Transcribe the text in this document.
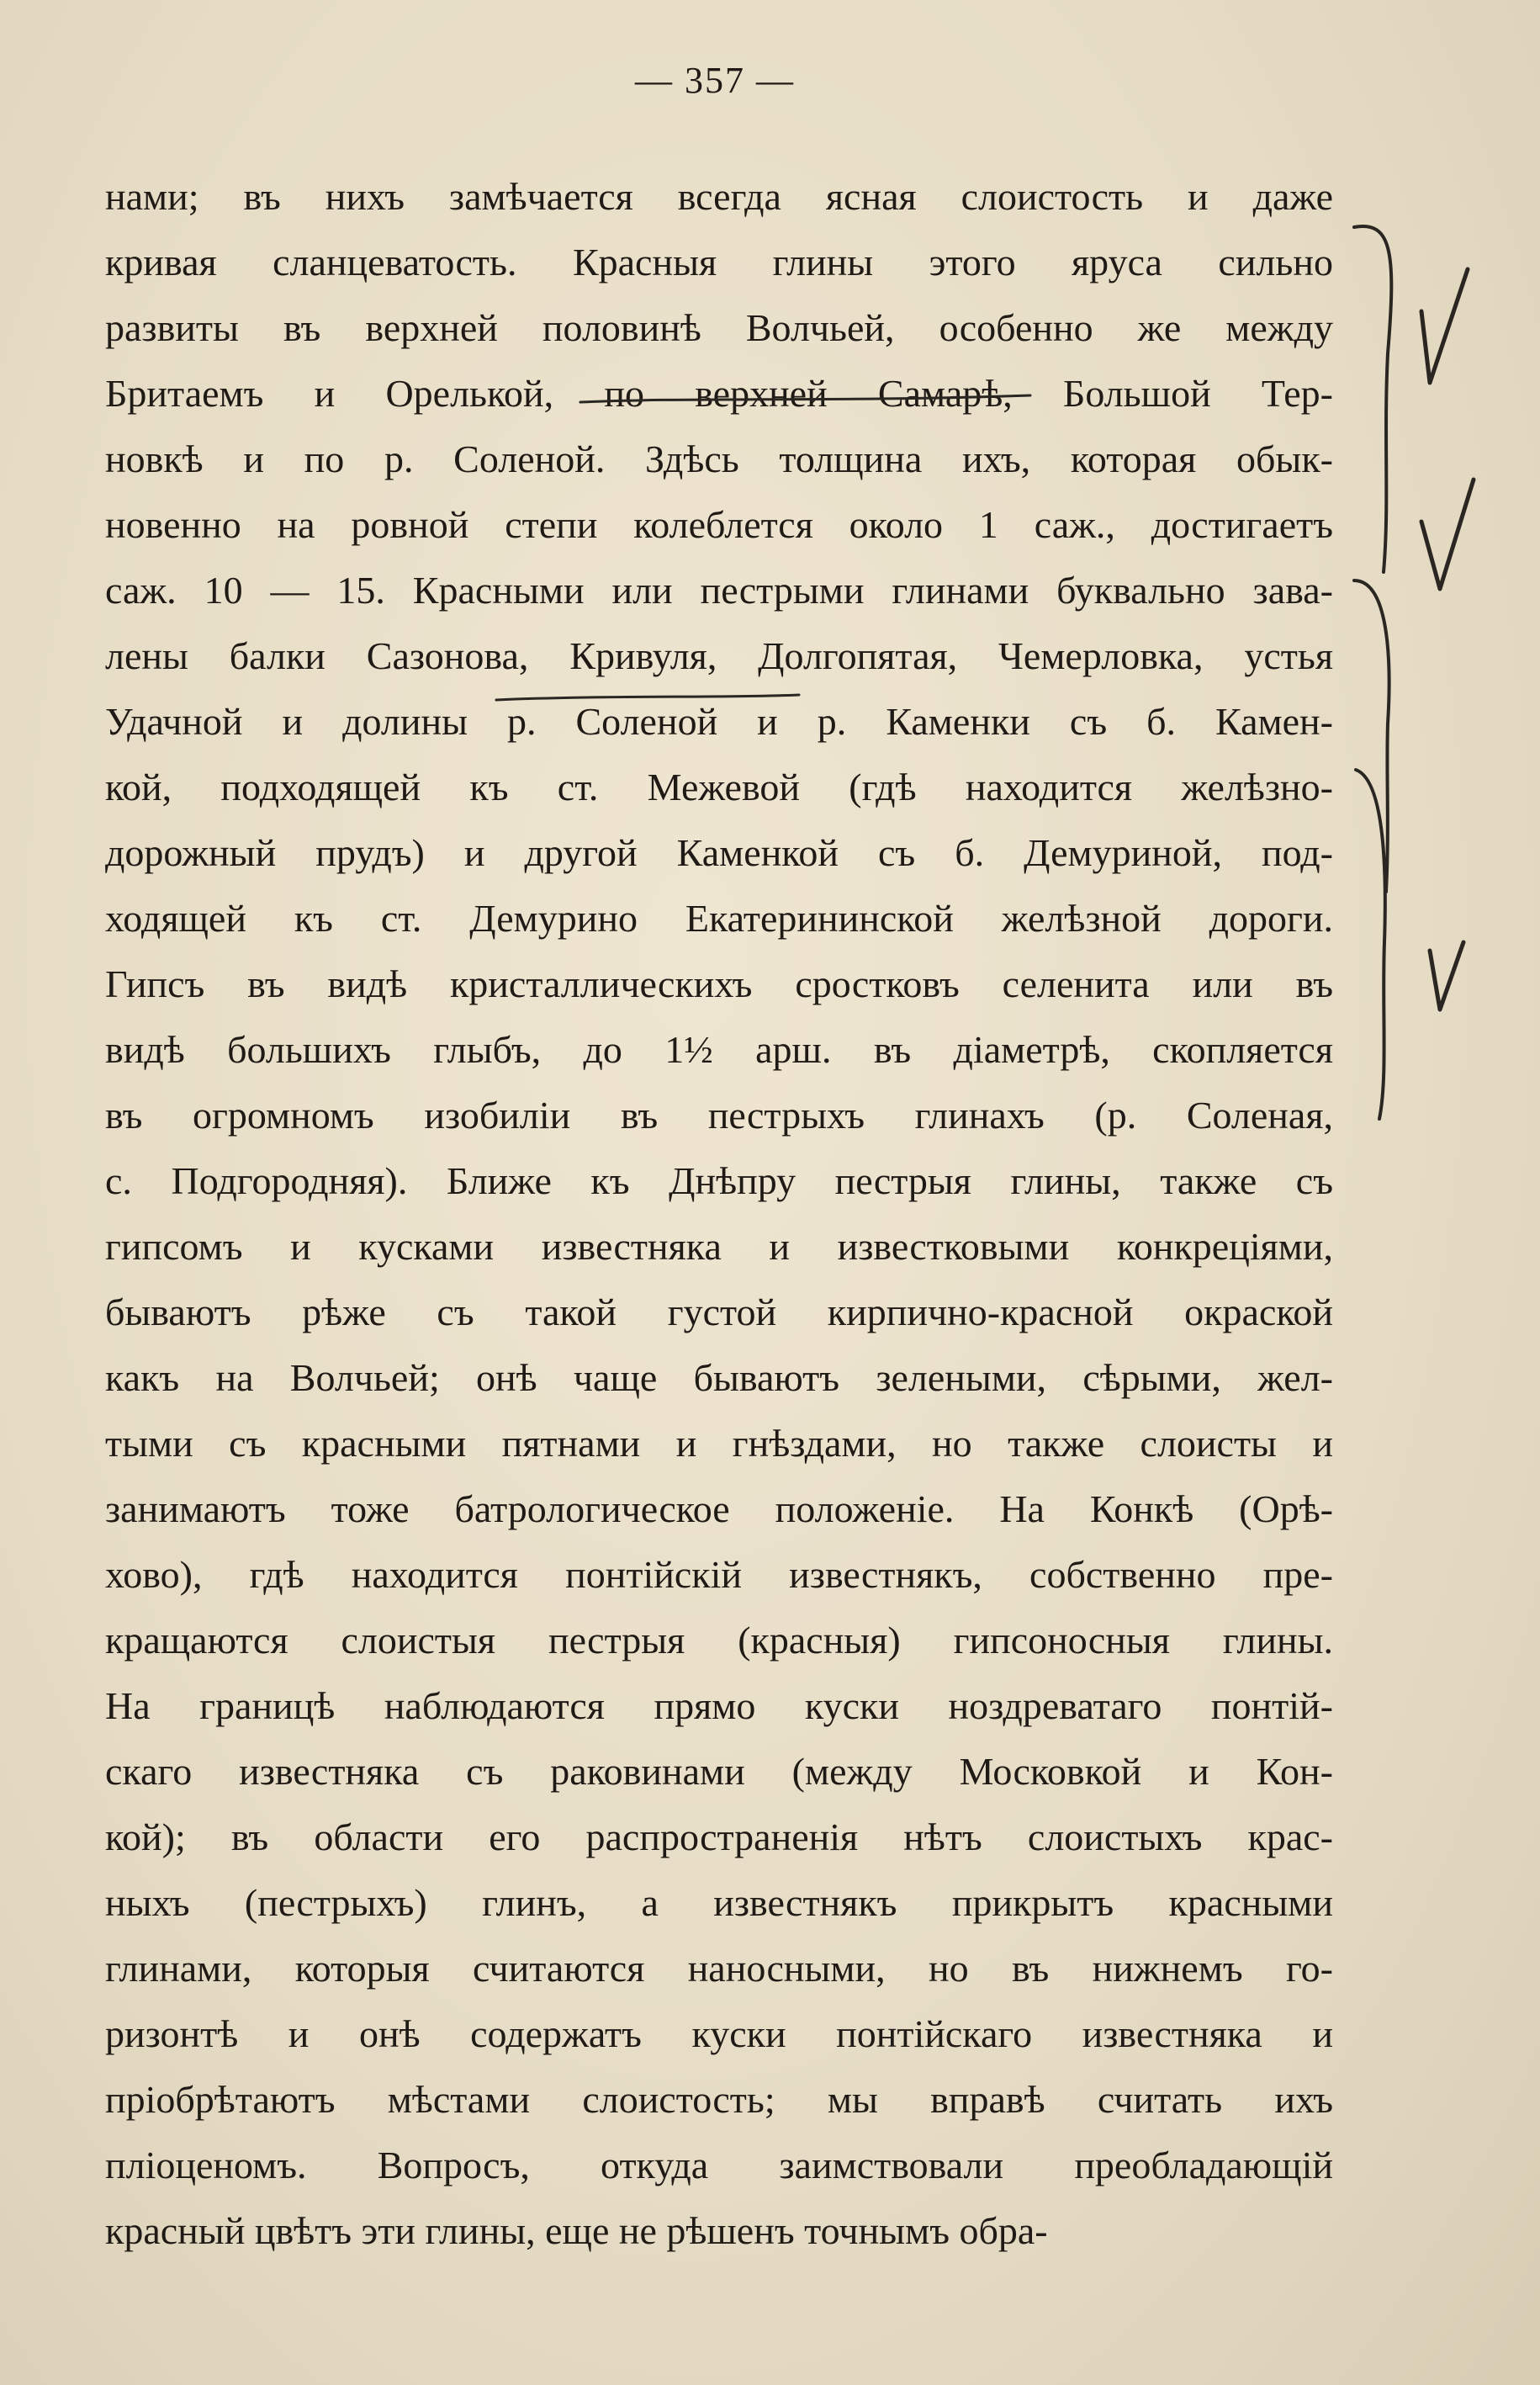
— 357 —
нами; въ нихъ замѣчается всегда ясная слоистость и даже
кривая сланцеватость. Красныя глины этого яруса сильно
развиты въ верхней половинѣ Волчьей, особенно же между
Бритаемъ и Орелькой, по верхней Самарѣ, Большой Тер-
новкѣ и по р. Соленой. Здѣсь толщина ихъ, которая обык-
новенно на ровной степи колеблется около 1 саж., достигаетъ
саж. 10 — 15. Красными или пестрыми глинами буквально зава-
лены балки Сазонова, Кривуля, Долгопятая, Чемерловка, устья
Удачной и долины р. Соленой и р. Каменки съ б. Камен-
кой, подходящей къ ст. Межевой (гдѣ находится желѣзно-
дорожный прудъ) и другой Каменкой съ б. Демуриной, под-
ходящей къ ст. Демурино Екатерининской желѣзной дороги.
Гипсъ въ видѣ кристаллическихъ сростковъ селенита или въ
видѣ большихъ глыбъ, до 1½ арш. въ діаметрѣ, скопляется
въ огромномъ изобиліи въ пестрыхъ глинахъ (р. Соленая,
с. Подгородняя). Ближе къ Днѣпру пестрыя глины, также съ
гипсомъ и кусками известняка и известковыми конкреціями,
бываютъ рѣже съ такой густой кирпично-красной окраской
какъ на Волчьей; онѣ чаще бываютъ зелеными, сѣрыми, жел-
тыми съ красными пятнами и гнѣздами, но также слоисты и
занимаютъ тоже батрологическое положеніе. На Конкѣ (Орѣ-
хово), гдѣ находится понтійскій известнякъ, собственно пре-
кращаются слоистыя пестрыя (красныя) гипсоносныя глины.
На границѣ наблюдаются прямо куски ноздреватаго понтій-
скаго известняка съ раковинами (между Московкой и Кон-
кой); въ области его распространенія нѣтъ слоистыхъ крас-
ныхъ (пестрыхъ) глинъ, а известнякъ прикрытъ красными
глинами, которыя считаются наносными, но въ нижнемъ го-
ризонтѣ и онѣ содержатъ куски понтійскаго известняка и
пріобрѣтаютъ мѣстами слоистость; мы вправѣ считать ихъ
пліоценомъ. Вопросъ, откуда заимствовали преобладающій
красный цвѣтъ эти глины, еще не рѣшенъ точнымъ обра-
